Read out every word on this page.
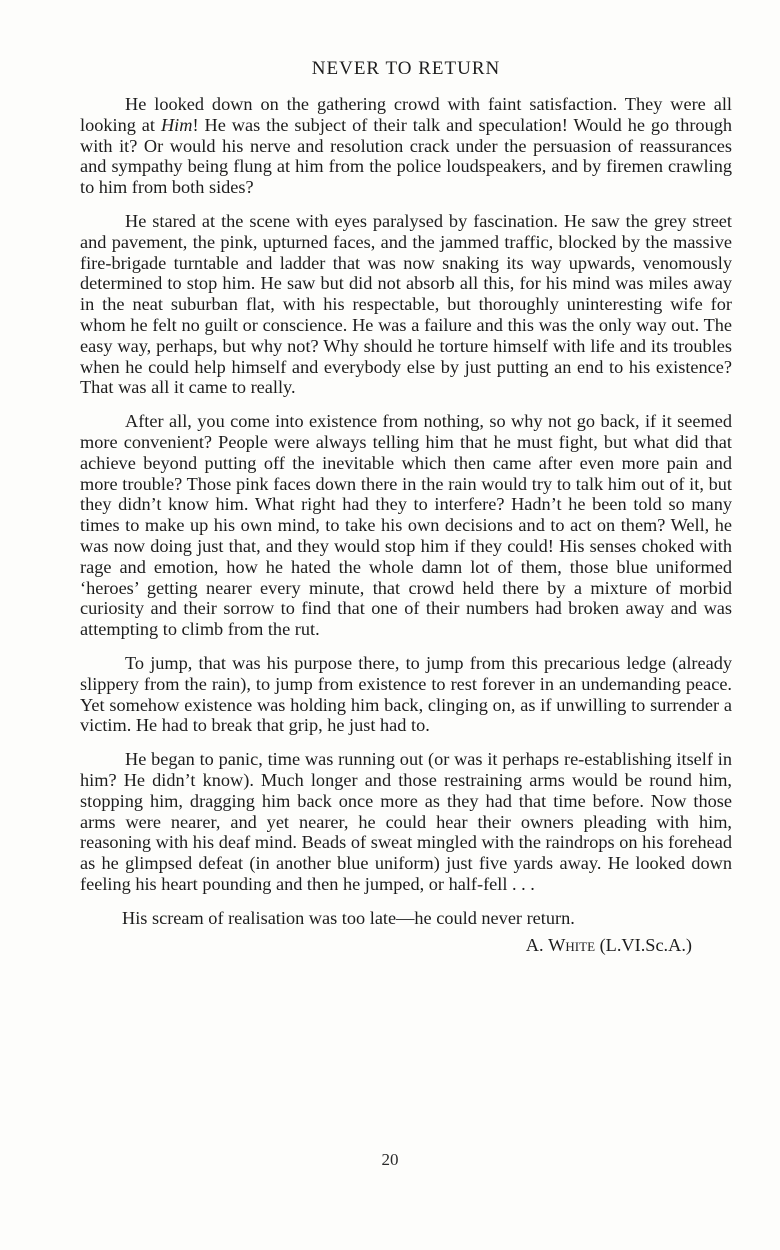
NEVER TO RETURN

He looked down on the gathering crowd with faint satisfaction. They were all looking at Him! He was the subject of their talk and speculation! Would he go through with it? Or would his nerve and resolution crack under the persuasion of reassurances and sympathy being flung at him from the police loudspeakers, and by firemen crawling to him from both sides?

He stared at the scene with eyes paralysed by fascination. He saw the grey street and pavement, the pink, upturned faces, and the jammed traffic, blocked by the massive fire-brigade turntable and ladder that was now snaking its way upwards, venomously determined to stop him. He saw but did not absorb all this, for his mind was miles away in the neat suburban flat, with his respectable, but thoroughly uninteresting wife for whom he felt no guilt or conscience. He was a failure and this was the only way out. The easy way, perhaps, but why not? Why should he torture himself with life and its troubles when he could help himself and everybody else by just putting an end to his existence? That was all it came to really.

After all, you come into existence from nothing, so why not go back, if it seemed more convenient? People were always telling him that he must fight, but what did that achieve beyond putting off the inevitable which then came after even more pain and more trouble? Those pink faces down there in the rain would try to talk him out of it, but they didn’t know him. What right had they to interfere? Hadn’t he been told so many times to make up his own mind, to take his own decisions and to act on them? Well, he was now doing just that, and they would stop him if they could! His senses choked with rage and emotion, how he hated the whole damn lot of them, those blue uniformed ‘heroes’ getting nearer every minute, that crowd held there by a mixture of morbid curiosity and their sorrow to find that one of their numbers had broken away and was attempting to climb from the rut.

To jump, that was his purpose there, to jump from this precarious ledge (already slippery from the rain), to jump from existence to rest forever in an undemanding peace. Yet somehow existence was holding him back, clinging on, as if unwilling to surrender a victim. He had to break that grip, he just had to.

He began to panic, time was running out (or was it perhaps re-establishing itself in him? He didn’t know). Much longer and those restraining arms would be round him, stopping him, dragging him back once more as they had that time before. Now those arms were nearer, and yet nearer, he could hear their owners pleading with him, reasoning with his deaf mind. Beads of sweat mingled with the raindrops on his forehead as he glimpsed defeat (in another blue uniform) just five yards away. He looked down feeling his heart pounding and then he jumped, or half-fell . . .

His scream of realisation was too late—he could never return.

A. White (L.VI.Sc.A.)

20
